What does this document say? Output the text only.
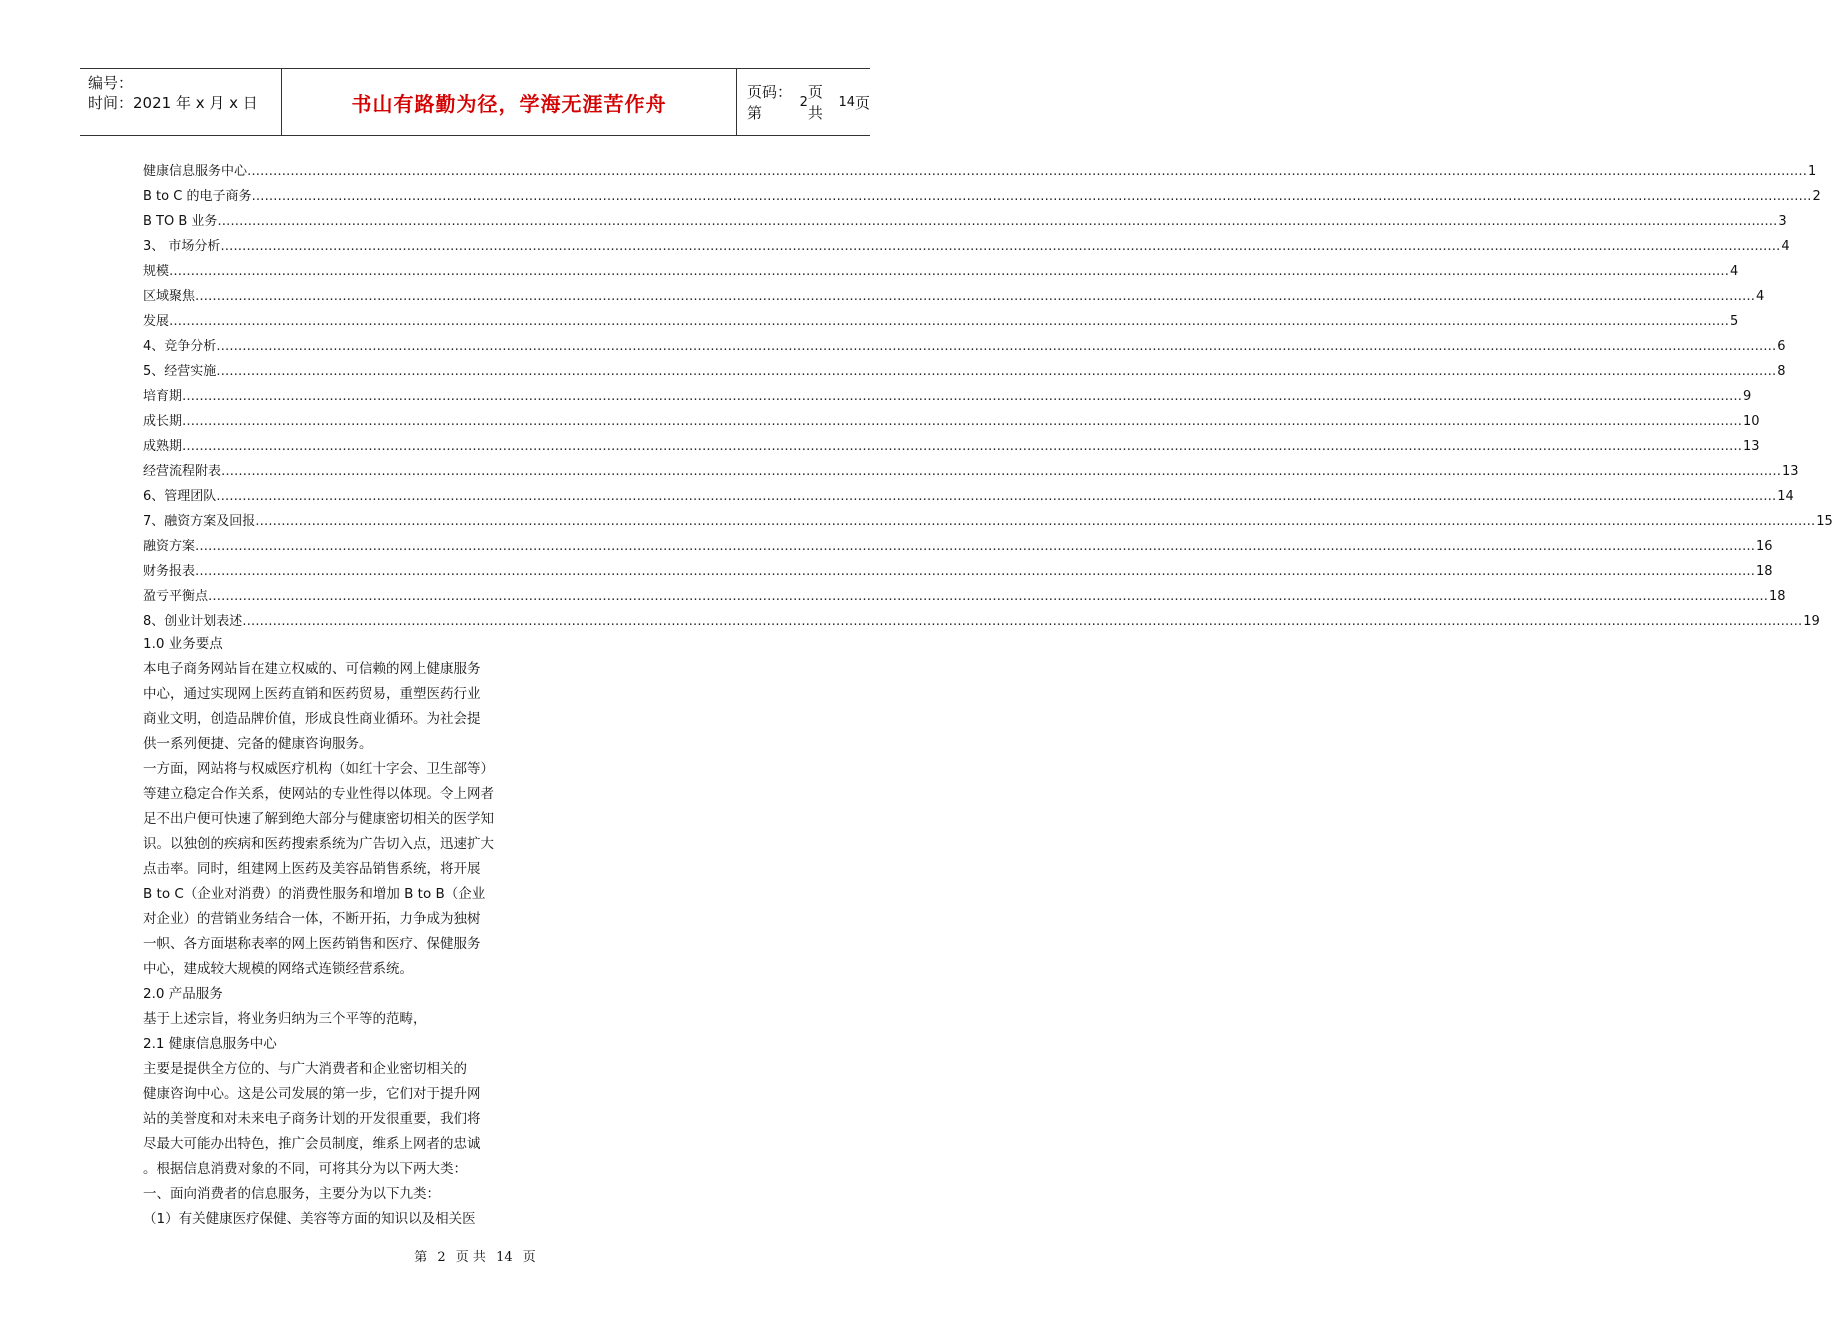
编号：
时间：2021 年 x 月 x 日	书山有路勤为径，学海无涯苦作舟	页码：第
2
页 共
14 页
健康信息服务中心 ……………………………………………………………………………………………………………………………………………………………………………………………………………………………………………………………………………………………………………………………… 1
B to C 的电子商务 ……………………………………………………………………………………………………………………………………………………………………………………………………………………………………………………………………………………………………………………………… 2
B TO B 业务 ……………………………………………………………………………………………………………………………………………………………………………………………………………………………………………………………………………………………………………………………… 3
3、 市场分析 ……………………………………………………………………………………………………………………………………………………………………………………………………………………………………………………………………………………………………………………………… 4
规模 ……………………………………………………………………………………………………………………………………………………………………………………………………………………………………………………………………………………………………………………………… 4
区域聚焦 ……………………………………………………………………………………………………………………………………………………………………………………………………………………………………………………………………………………………………………………………… 4
发展 ……………………………………………………………………………………………………………………………………………………………………………………………………………………………………………………………………………………………………………………………… 5
4、竞争分析 ……………………………………………………………………………………………………………………………………………………………………………………………………………………………………………………………………………………………………………………………… 6
5、经营实施 ……………………………………………………………………………………………………………………………………………………………………………………………………………………………………………………………………………………………………………………………… 8
培育期 ……………………………………………………………………………………………………………………………………………………………………………………………………………………………………………………………………………………………………………………………… 9
成长期 ……………………………………………………………………………………………………………………………………………………………………………………………………………………………………………………………………………………………………………………………… 10
成熟期 ……………………………………………………………………………………………………………………………………………………………………………………………………………………………………………………………………………………………………………………………… 13
经营流程附表 ……………………………………………………………………………………………………………………………………………………………………………………………………………………………………………………………………………………………………………………………… 13
6、管理团队 ……………………………………………………………………………………………………………………………………………………………………………………………………………………………………………………………………………………………………………………………… 14
7、融资方案及回报 ……………………………………………………………………………………………………………………………………………………………………………………………………………………………………………………………………………………………………………………………… 15
融资方案 ……………………………………………………………………………………………………………………………………………………………………………………………………………………………………………………………………………………………………………………………… 16
财务报表 ……………………………………………………………………………………………………………………………………………………………………………………………………………………………………………………………………………………………………………………………… 18
盈亏平衡点 ……………………………………………………………………………………………………………………………………………………………………………………………………………………………………………………………………………………………………………………………… 18
8、创业计划表述 ……………………………………………………………………………………………………………………………………………………………………………………………………………………………………………………………………………………………………………………………… 19

1.0 业务要点

本电子商务网站旨在建立权威的、可信赖的网上健康服务

中心，通过实现网上医药直销和医药贸易，重塑医药行业

商业文明，创造品牌价值，形成良性商业循环。为社会提

供一系列便捷、完备的健康咨询服务。

一方面，网站将与权威医疗机构（如红十字会、卫生部等）

等建立稳定合作关系，使网站的专业性得以体现。令上网者

足不出户便可快速了解到绝大部分与健康密切相关的医学知

识。以独创的疾病和医药搜索系统为广告切入点，迅速扩大

点击率。同时，组建网上医药及美容品销售系统，将开展

B to C（企业对消费）的消费性服务和增加 B to B（企业

对企业）的营销业务结合一体，不断开拓，力争成为独树

一帜、各方面堪称表率的网上医药销售和医疗、保健服务

中心，建成较大规模的网络式连锁经营系统。

2.0 产品服务

基于上述宗旨，将业务归纳为三个平等的范畴，

2.1 健康信息服务中心

主要是提供全方位的、与广大消费者和企业密切相关的

健康咨询中心。这是公司发展的第一步，它们对于提升网

站的美誉度和对未来电子商务计划的开发很重要，我们将

尽最大可能办出特色，推广会员制度，维系上网者的忠诚

。根据信息消费对象的不同，可将其分为以下两大类：

一、面向消费者的信息服务，主要分为以下九类：

（1）有关健康医疗保健、美容等方面的知识以及相关医

第 2 页 共 14 页
